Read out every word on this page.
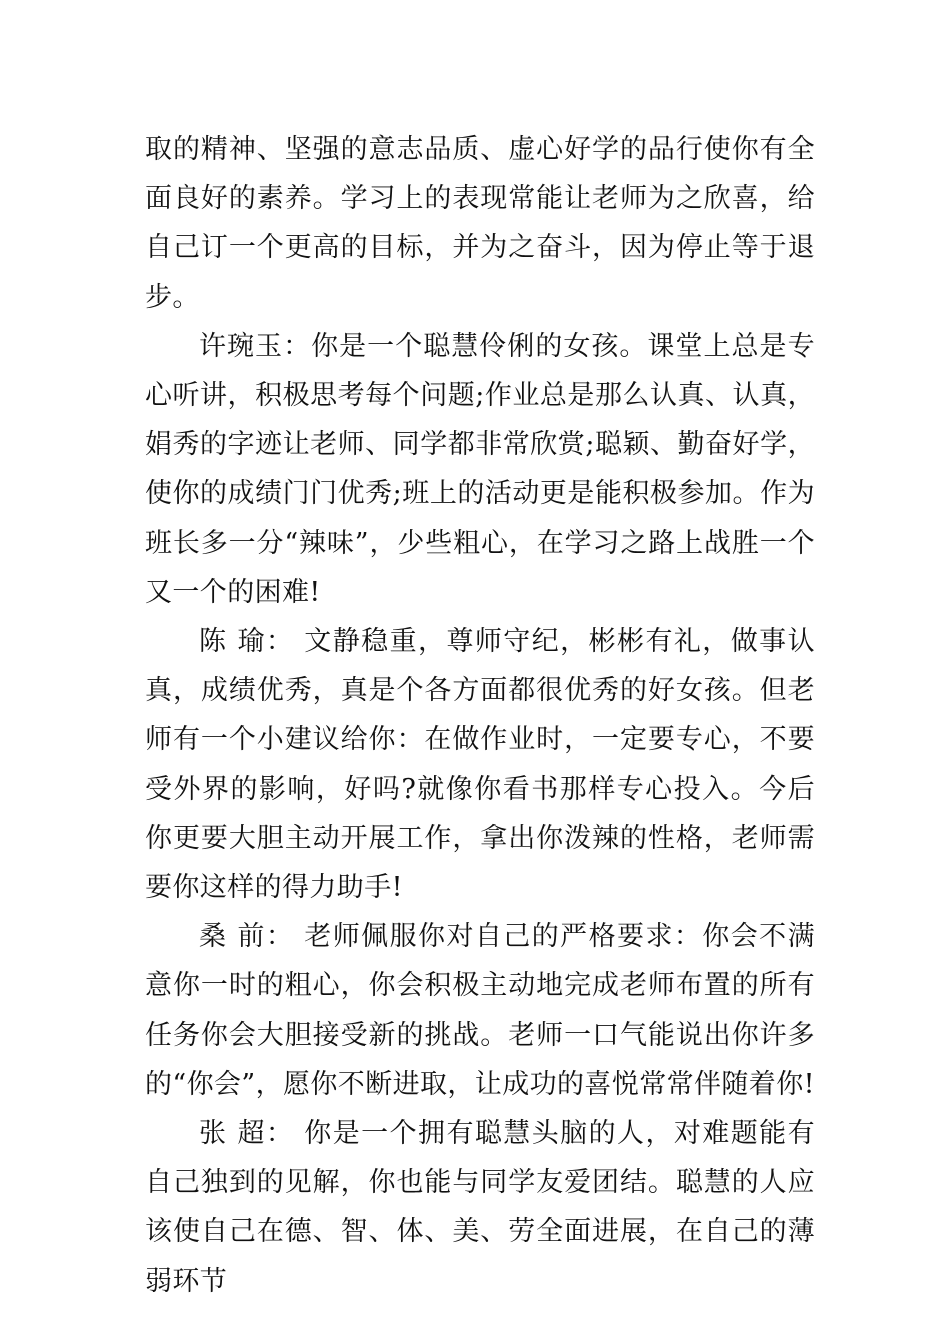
取的精神、坚强的意志品质、虚心好学的品行使你有全面良好的素养。学习上的表现常能让老师为之欣喜，给自己订一个更高的目标，并为之奋斗，因为停止等于退步。

许琬玉：你是一个聪慧伶俐的女孩。课堂上总是专心听讲，积极思考每个问题;作业总是那么认真、认真，娟秀的字迹让老师、同学都非常欣赏;聪颖、勤奋好学，使你的成绩门门优秀;班上的活动更是能积极参加。作为班长多一分“辣味”，少些粗心，在学习之路上战胜一个又一个的困难!

陈 瑜： 文静稳重，尊师守纪，彬彬有礼，做事认真，成绩优秀，真是个各方面都很优秀的好女孩。但老师有一个小建议给你：在做作业时，一定要专心，不要受外界的影响，好吗?就像你看书那样专心投入。今后你更要大胆主动开展工作，拿出你泼辣的性格，老师需要你这样的得力助手!

桑 前： 老师佩服你对自己的严格要求：你会不满意你一时的粗心，你会积极主动地完成老师布置的所有任务你会大胆接受新的挑战。老师一口气能说出你许多的“你会”，愿你不断进取，让成功的喜悦常常伴随着你!

张 超： 你是一个拥有聪慧头脑的人，对难题能有自己独到的见解，你也能与同学友爱团结。聪慧的人应该使自己在德、智、体、美、劳全面进展，在自己的薄弱环节
